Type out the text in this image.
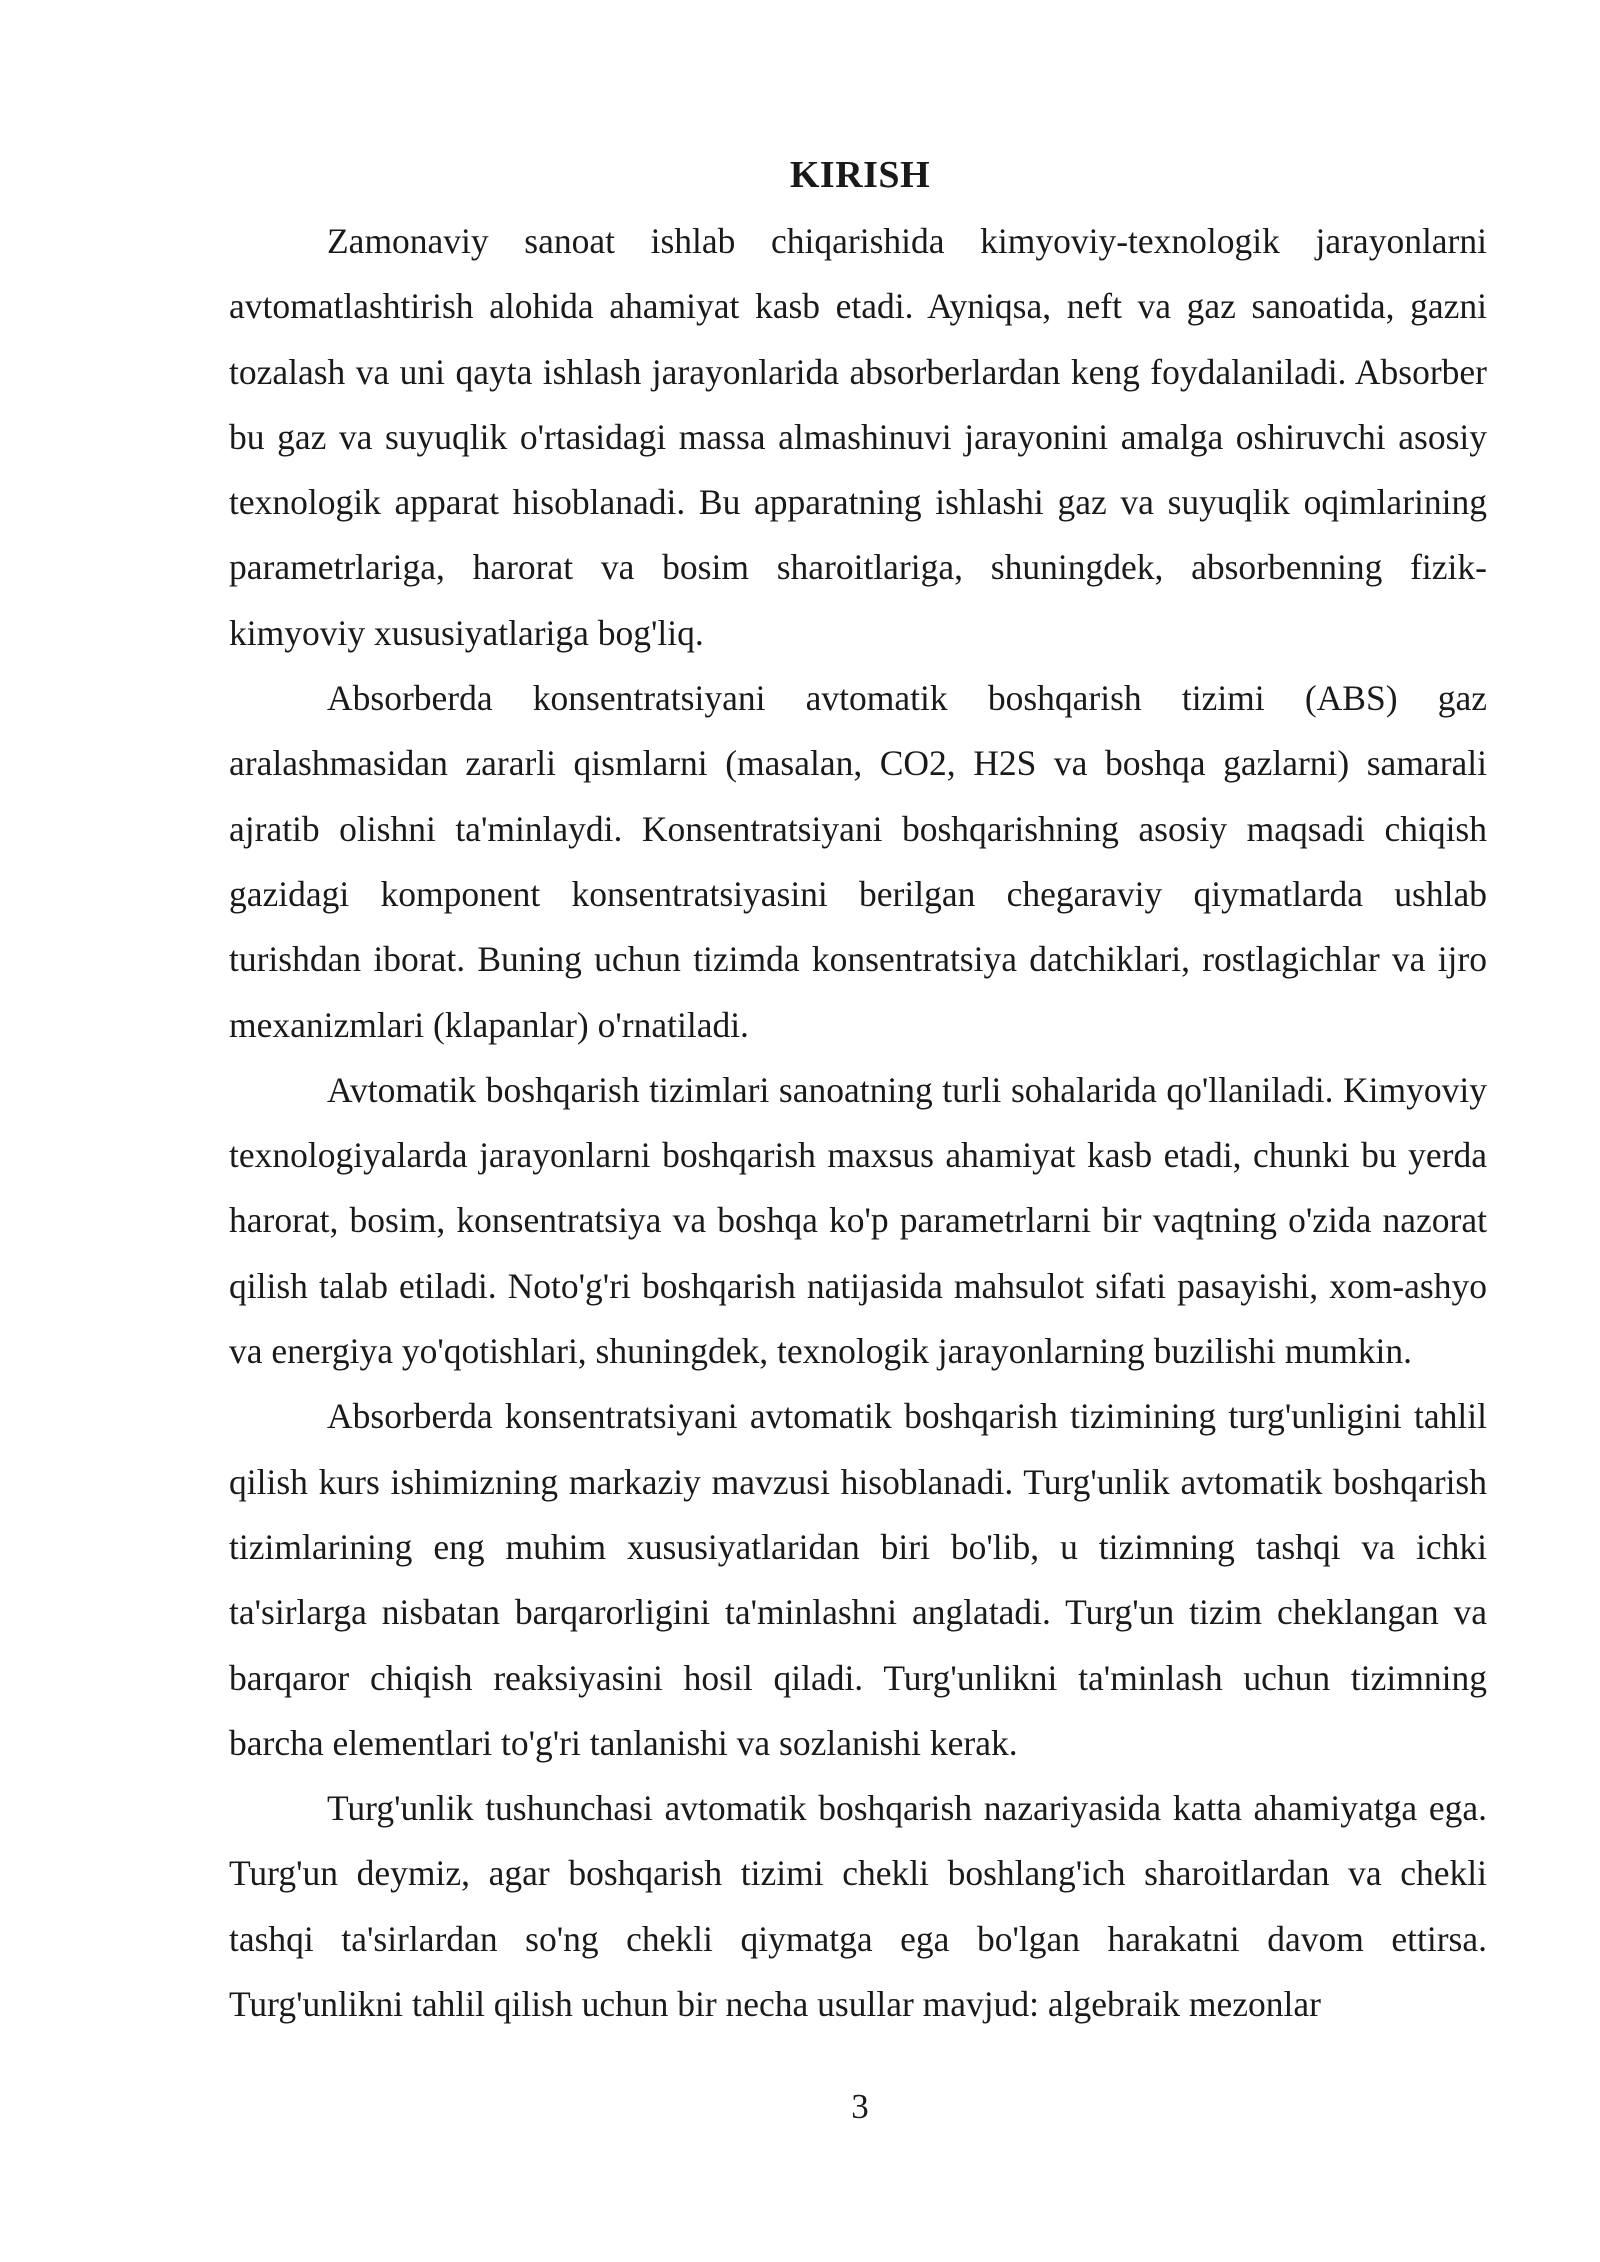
KIRISH

Zamonaviy sanoat ishlab chiqarishida kimyoviy-texnologik jarayonlarni avtomatlashtirish alohida ahamiyat kasb etadi. Ayniqsa, neft va gaz sanoatida, gazni tozalash va uni qayta ishlash jarayonlarida absorberlardan keng foydalaniladi. Absorber bu gaz va suyuqlik o'rtasidagi massa almashinuvi jarayonini amalga oshiruvchi asosiy texnologik apparat hisoblanadi. Bu apparatning ishlashi gaz va suyuqlik oqimlarining parametrlariga, harorat va bosim sharoitlariga, shuningdek, absorbenning fizik-kimyoviy xususiyatlariga bog'liq.

Absorberda konsentratsiyani avtomatik boshqarish tizimi (ABS) gaz aralashmasidan zararli qismlarni (masalan, CO2, H2S va boshqa gazlarni) samarali ajratib olishni ta'minlaydi. Konsentratsiyani boshqarishning asosiy maqsadi chiqish gazidagi komponent konsentratsiyasini berilgan chegaraviy qiymatlarda ushlab turishdan iborat. Buning uchun tizimda konsentratsiya datchiklari, rostlagichlar va ijro mexanizmlari (klapanlar) o'rnatiladi.

Avtomatik boshqarish tizimlari sanoatning turli sohalarida qo'llaniladi. Kimyoviy texnologiyalarda jarayonlarni boshqarish maxsus ahamiyat kasb etadi, chunki bu yerda harorat, bosim, konsentratsiya va boshqa ko'p parametrlarni bir vaqtning o'zida nazorat qilish talab etiladi. Noto'g'ri boshqarish natijasida mahsulot sifati pasayishi, xom-ashyo va energiya yo'qotishlari, shuningdek, texnologik jarayonlarning buzilishi mumkin.

Absorberda konsentratsiyani avtomatik boshqarish tizimining turg'unligini tahlil qilish kurs ishimizning markaziy mavzusi hisoblanadi. Turg'unlik avtomatik boshqarish tizimlarining eng muhim xususiyatlaridan biri bo'lib, u tizimning tashqi va ichki ta'sirlarga nisbatan barqarorligini ta'minlashni anglatadi. Turg'un tizim cheklangan va barqaror chiqish reaksiyasini hosil qiladi. Turg'unlikni ta'minlash uchun tizimning barcha elementlari to'g'ri tanlanishi va sozlanishi kerak.

Turg'unlik tushunchasi avtomatik boshqarish nazariyasida katta ahamiyatga ega. Turg'un deymiz, agar boshqarish tizimi chekli boshlang'ich sharoitlardan va chekli tashqi ta'sirlardan so'ng chekli qiymatga ega bo'lgan harakatni davom ettirsa. Turg'unlikni tahlil qilish uchun bir necha usullar mavjud: algebraik mezonlar

3
